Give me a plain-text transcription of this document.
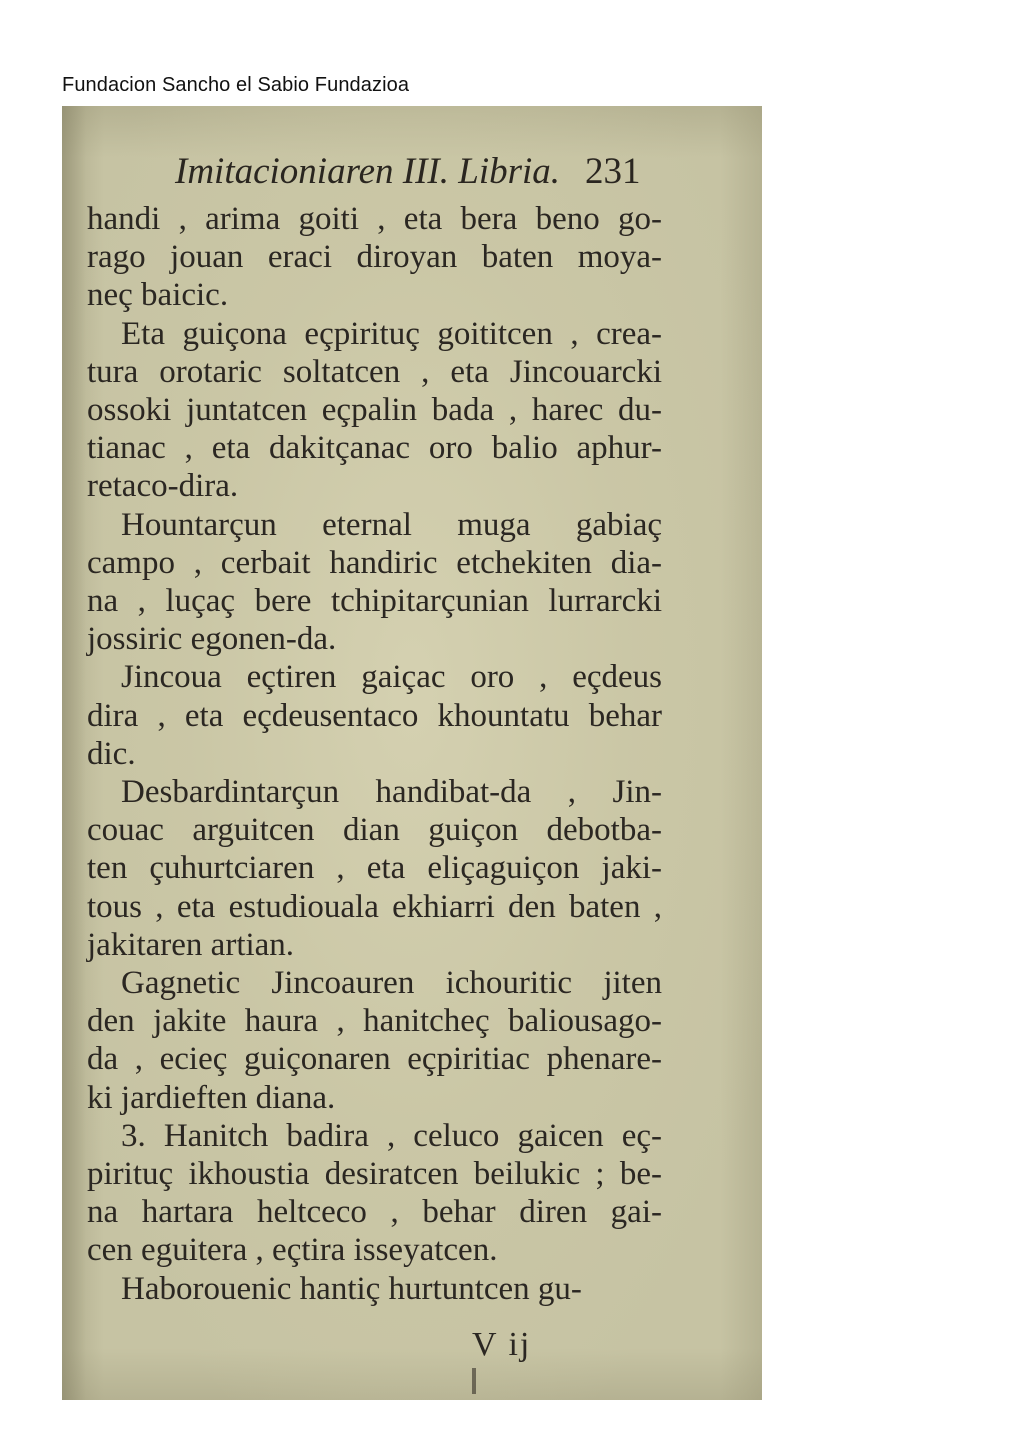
Fundacion Sancho el Sabio Fundazioa
Imitacioniaren III. Libria. 231
handi , arima goiti , eta bera beno go-
rago jouan eraci diroyan baten moya-
neç baicic.
Eta guiçona eçpirituç goititcen , crea-
tura orotaric soltatcen , eta Jincouarcki
ossoki juntatcen eçpalin bada , harec du-
tianac , eta dakitçanac oro balio aphur-
retaco-dira.
Hountarçun eternal muga gabiaç
campo , cerbait handiric etchekiten dia-
na , luçaç bere tchipitarçunian lurrarcki
jossiric egonen-da.
Jincoua eçtiren gaiçac oro , eçdeus
dira , eta eçdeusentaco khountatu behar
dic.
Desbardintarçun handibat-da , Jin-
couac arguitcen dian guiçon debotba-
ten çuhurtciaren , eta eliçaguiçon jaki-
tous , eta estudiouala ekhiarri den baten ,
jakitaren artian.
Gagnetic Jincoauren ichouritic jiten
den jakite haura , hanitcheç baliousago-
da , ecieç guiçonaren eçpiritiac phenare-
ki jardieften diana.
3. Hanitch badira , celuco gaicen eç-
pirituç ikhoustia desiratcen beilukic ; be-
na hartara heltceco , behar diren gai-
cen eguitera , eçtira isseyatcen.
Haborouenic hantiç hurtuntcen gu-
V ij
